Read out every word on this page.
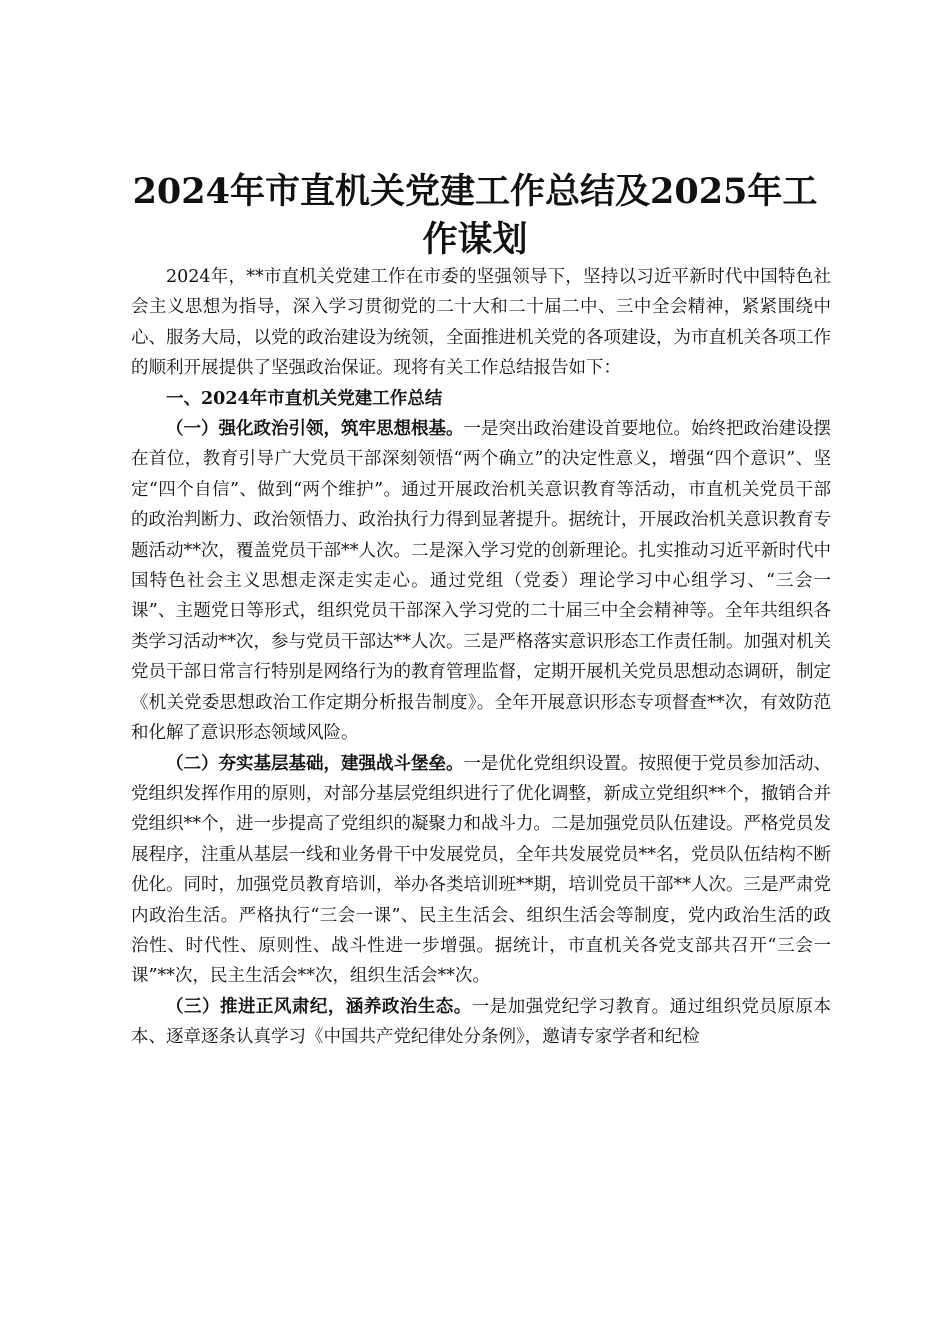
2024年市直机关党建工作总结及2025年工作谋划

2024年，**市直机关党建工作在市委的坚强领导下，坚持以习近平新时代中国特色社会主义思想为指导，深入学习贯彻党的二十大和二十届二中、三中全会精神，紧紧围绕中心、服务大局，以党的政治建设为统领，全面推进机关党的各项建设，为市直机关各项工作的顺利开展提供了坚强政治保证。现将有关工作总结报告如下：

一、2024年市直机关党建工作总结

（一）强化政治引领，筑牢思想根基。一是突出政治建设首要地位。始终把政治建设摆在首位，教育引导广大党员干部深刻领悟“两个确立”的决定性意义，增强“四个意识”、坚定“四个自信”、做到“两个维护”。通过开展政治机关意识教育等活动，市直机关党员干部的政治判断力、政治领悟力、政治执行力得到显著提升。据统计，开展政治机关意识教育专题活动**次，覆盖党员干部**人次。二是深入学习党的创新理论。扎实推动习近平新时代中国特色社会主义思想走深走实走心。通过党组（党委）理论学习中心组学习、“三会一课”、主题党日等形式，组织党员干部深入学习党的二十届三中全会精神等。全年共组织各类学习活动**次，参与党员干部达**人次。三是严格落实意识形态工作责任制。加强对机关党员干部日常言行特别是网络行为的教育管理监督，定期开展机关党员思想动态调研，制定《机关党委思想政治工作定期分析报告制度》。全年开展意识形态专项督查**次，有效防范和化解了意识形态领域风险。

（二）夯实基层基础，建强战斗堡垒。一是优化党组织设置。按照便于党员参加活动、党组织发挥作用的原则，对部分基层党组织进行了优化调整，新成立党组织**个，撤销合并党组织**个，进一步提高了党组织的凝聚力和战斗力。二是加强党员队伍建设。严格党员发展程序，注重从基层一线和业务骨干中发展党员，全年共发展党员**名，党员队伍结构不断优化。同时，加强党员教育培训，举办各类培训班**期，培训党员干部**人次。三是严肃党内政治生活。严格执行“三会一课”、民主生活会、组织生活会等制度，党内政治生活的政治性、时代性、原则性、战斗性进一步增强。据统计，市直机关各党支部共召开“三会一课”**次，民主生活会**次，组织生活会**次。

（三）推进正风肃纪，涵养政治生态。一是加强党纪学习教育。通过组织党员原原本本、逐章逐条认真学习《中国共产党纪律处分条例》，邀请专家学者和纪检
